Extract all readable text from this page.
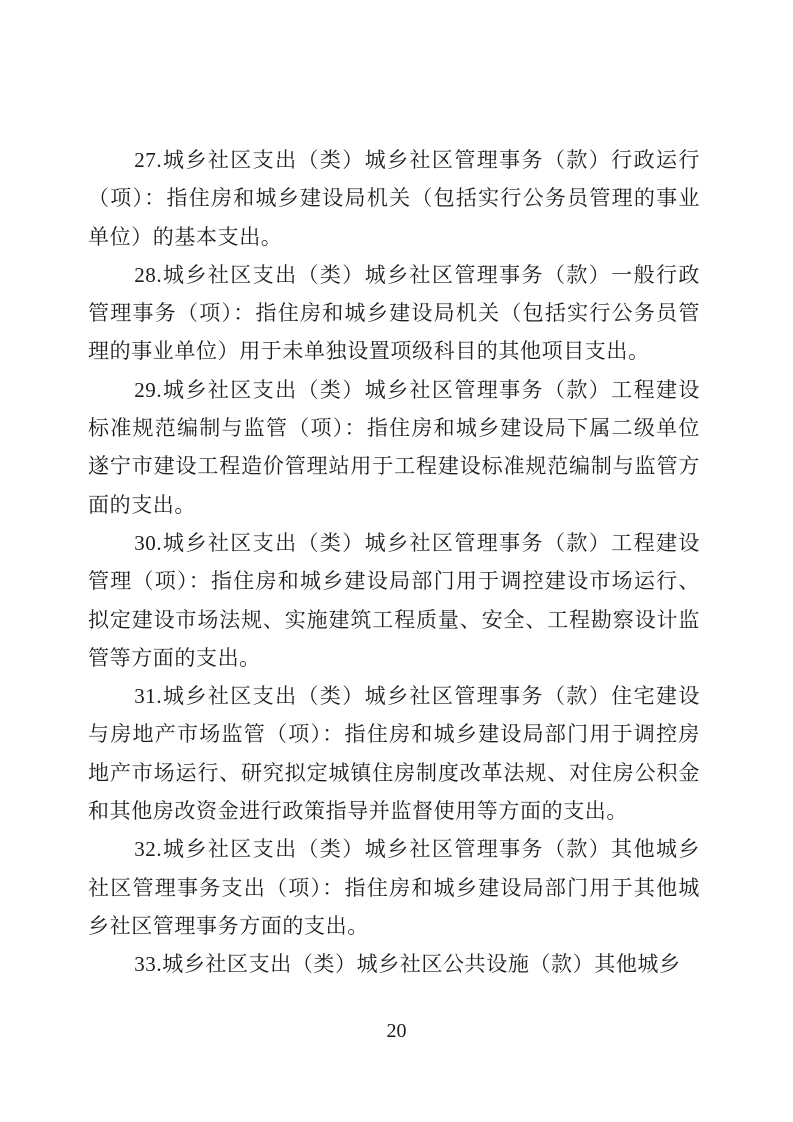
27.城乡社区支出（类）城乡社区管理事务（款）行政运行（项）：指住房和城乡建设局机关（包括实行公务员管理的事业单位）的基本支出。

28.城乡社区支出（类）城乡社区管理事务（款）一般行政管理事务（项）：指住房和城乡建设局机关（包括实行公务员管理的事业单位）用于未单独设置项级科目的其他项目支出。

29.城乡社区支出（类）城乡社区管理事务（款）工程建设标准规范编制与监管（项）：指住房和城乡建设局下属二级单位遂宁市建设工程造价管理站用于工程建设标准规范编制与监管方面的支出。

30.城乡社区支出（类）城乡社区管理事务（款）工程建设管理（项）：指住房和城乡建设局部门用于调控建设市场运行、拟定建设市场法规、实施建筑工程质量、安全、工程勘察设计监管等方面的支出。

31.城乡社区支出（类）城乡社区管理事务（款）住宅建设与房地产市场监管（项）：指住房和城乡建设局部门用于调控房地产市场运行、研究拟定城镇住房制度改革法规、对住房公积金和其他房改资金进行政策指导并监督使用等方面的支出。

32.城乡社区支出（类）城乡社区管理事务（款）其他城乡社区管理事务支出（项）：指住房和城乡建设局部门用于其他城乡社区管理事务方面的支出。

33.城乡社区支出（类）城乡社区公共设施（款）其他城乡

20
